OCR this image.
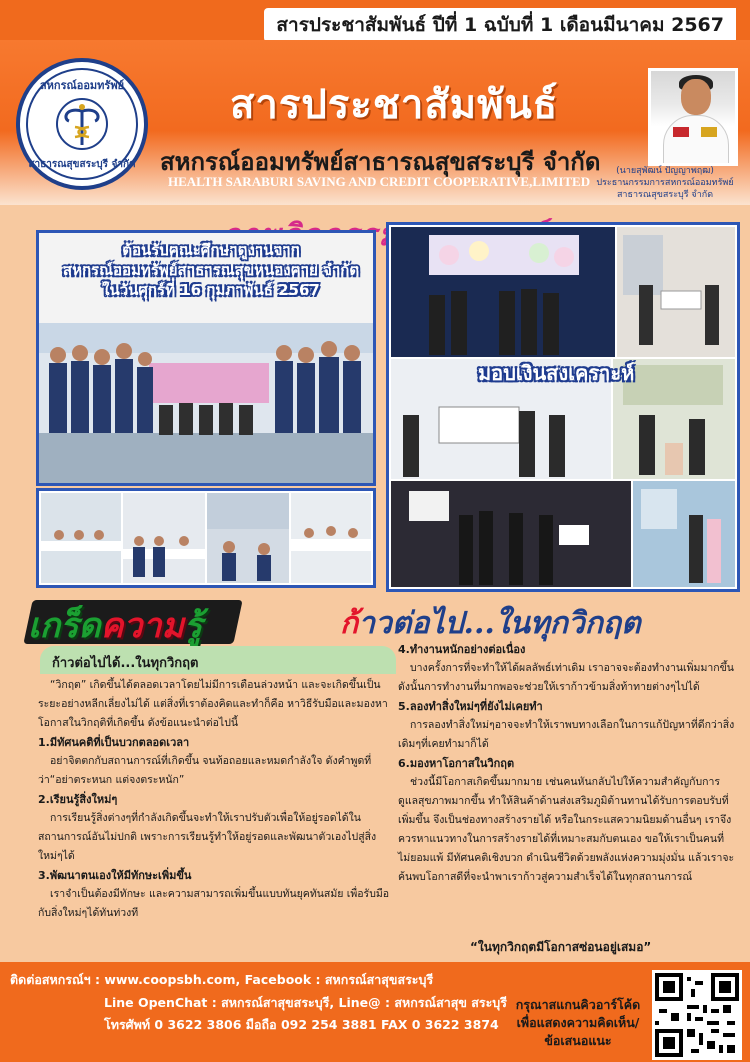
สารประชาสัมพันธ์ ปีที่ 1 ฉบับที่ 1 เดือนมีนาคม 2567
สหกรณ์ออมทรัพย์
สาธารณสุขสระบุรี จำกัด
สารประชาสัมพันธ์
สหกรณ์ออมทรัพย์สาธารณสุขสระบุรี จำกัด
HEALTH SARABURI SAVING AND CREDIT COOPERATIVE,LIMITED
(นายสุพัฒน์ ปัญญาพฤฒ)
ประธานกรรมการสหกรณ์ออมทรัพย์
สาธารณสุขสระบุรี จำกัด
ต้อนรับคณะศึกษาดูงานจาก
สหกรณ์ออมทรัพย์สาธารณสุขหนองคาย จำกัด
ในวันศุกร์ที่ 16 กุมภาพันธ์ 2567
มอบเงินสงเคราะห์
เกร็ดความรู้	ก้าวต่อไป...ในทุกวิกฤต
ก้าวต่อไปได้...ในทุกวิกฤต
“วิกฤต” เกิดขึ้นได้ตลอดเวลาโดยไม่มีการเตือนล่วงหน้า และจะเกิดขึ้นเป็นระยะอย่างหลีกเลี่ยงไม่ได้ แต่สิ่งที่เราต้องคิดและทำก็คือ หาวิธีรับมือและมองหาโอกาสในวิกฤติที่เกิดขึ้น ดังข้อแนะนำต่อไปนี้
1.มีทัศนคติที่เป็นบวกตลอดเวลา
อย่าจิตตกกับสถานการณ์ที่เกิดขึ้น จนท้อถอยและหมดกำลังใจ ดังคำพูดที่ว่า“อย่าตระหนก แต่จงตระหนัก”
2.เรียนรู้สิ่งใหม่ๆ
การเรียนรู้สิ่งต่างๆที่กำลังเกิดขึ้นจะทำให้เราปรับตัวเพื่อให้อยู่รอดได้ในสถานการณ์อันไม่ปกติ เพราะการเรียนรู้ทำให้อยู่รอดและพัฒนาตัวเองไปสู่สิ่งใหม่ๆได้
3.พัฒนาตนเองให้มีทักษะเพิ่มขึ้น
เราจำเป็นต้องมีทักษะ และความสามารถเพิ่มขึ้นแบบทันยุคทันสมัย เพื่อรับมือกับสิ่งใหม่ๆได้ทันท่วงที
4.ทำงานหนักอย่างต่อเนื่อง
บางครั้งการที่จะทำให้ได้ผลลัพธ์เท่าเดิม เราอาจจะต้องทำงานเพิ่มมากขึ้น ดังนั้นการทำงานที่มากพอจะช่วยให้เราก้าวข้ามสิ่งท้าทายต่างๆไปได้
5.ลองทำสิ่งใหม่ๆที่ยังไม่เคยทำ
การลองทำสิ่งใหม่ๆอาจจะทำให้เราพบทางเลือกในการแก้ปัญหาที่ดีกว่าสิ่งเดิมๆที่เคยทำมาก็ได้
6.มองหาโอกาสในวิกฤต
ช่วงนี้มีโอกาสเกิดขึ้นมากมาย เช่นคนหันกลับไปให้ความสำคัญกับการดูแลสุขภาพมากขึ้น ทำให้สินค้าด้านส่งเสริมภูมิต้านทานได้รับการตอบรับที่เพิ่มขึ้น จึงเป็นช่องทางสร้างรายได้ หรือในกระแสความนิยมด้านอื่นๆ เราจึงควรหาแนวทางในการสร้างรายได้ที่เหมาะสมกับตนเอง ขอให้เราเป็นคนที่ไม่ยอมแพ้ มีทัศนคติเชิงบวก ดำเนินชีวิตด้วยพลังแห่งความมุ่งมั่น แล้วเราจะค้นพบโอกาสดีที่จะนำพาเราก้าวสู่ความสำเร็จได้ในทุกสถานการณ์
“ในทุกวิกฤตมีโอกาสซ่อนอยู่เสมอ”
ติดต่อสหกรณ์ฯ : www.coopsbh.com, Facebook : สหกรณ์สาสุขสระบุรี
Line OpenChat : สหกรณ์สาสุขสระบุรี, Line@ : สหกรณ์สาสุข สระบุรี
โทรศัพท์ 0 3622 3806 มือถือ 092 254 3881 FAX 0 3622 3874
กรุณาสแกนคิวอาร์โค้ด
เพื่อแสดงความคิดเห็น/
ข้อเสนอแนะ
